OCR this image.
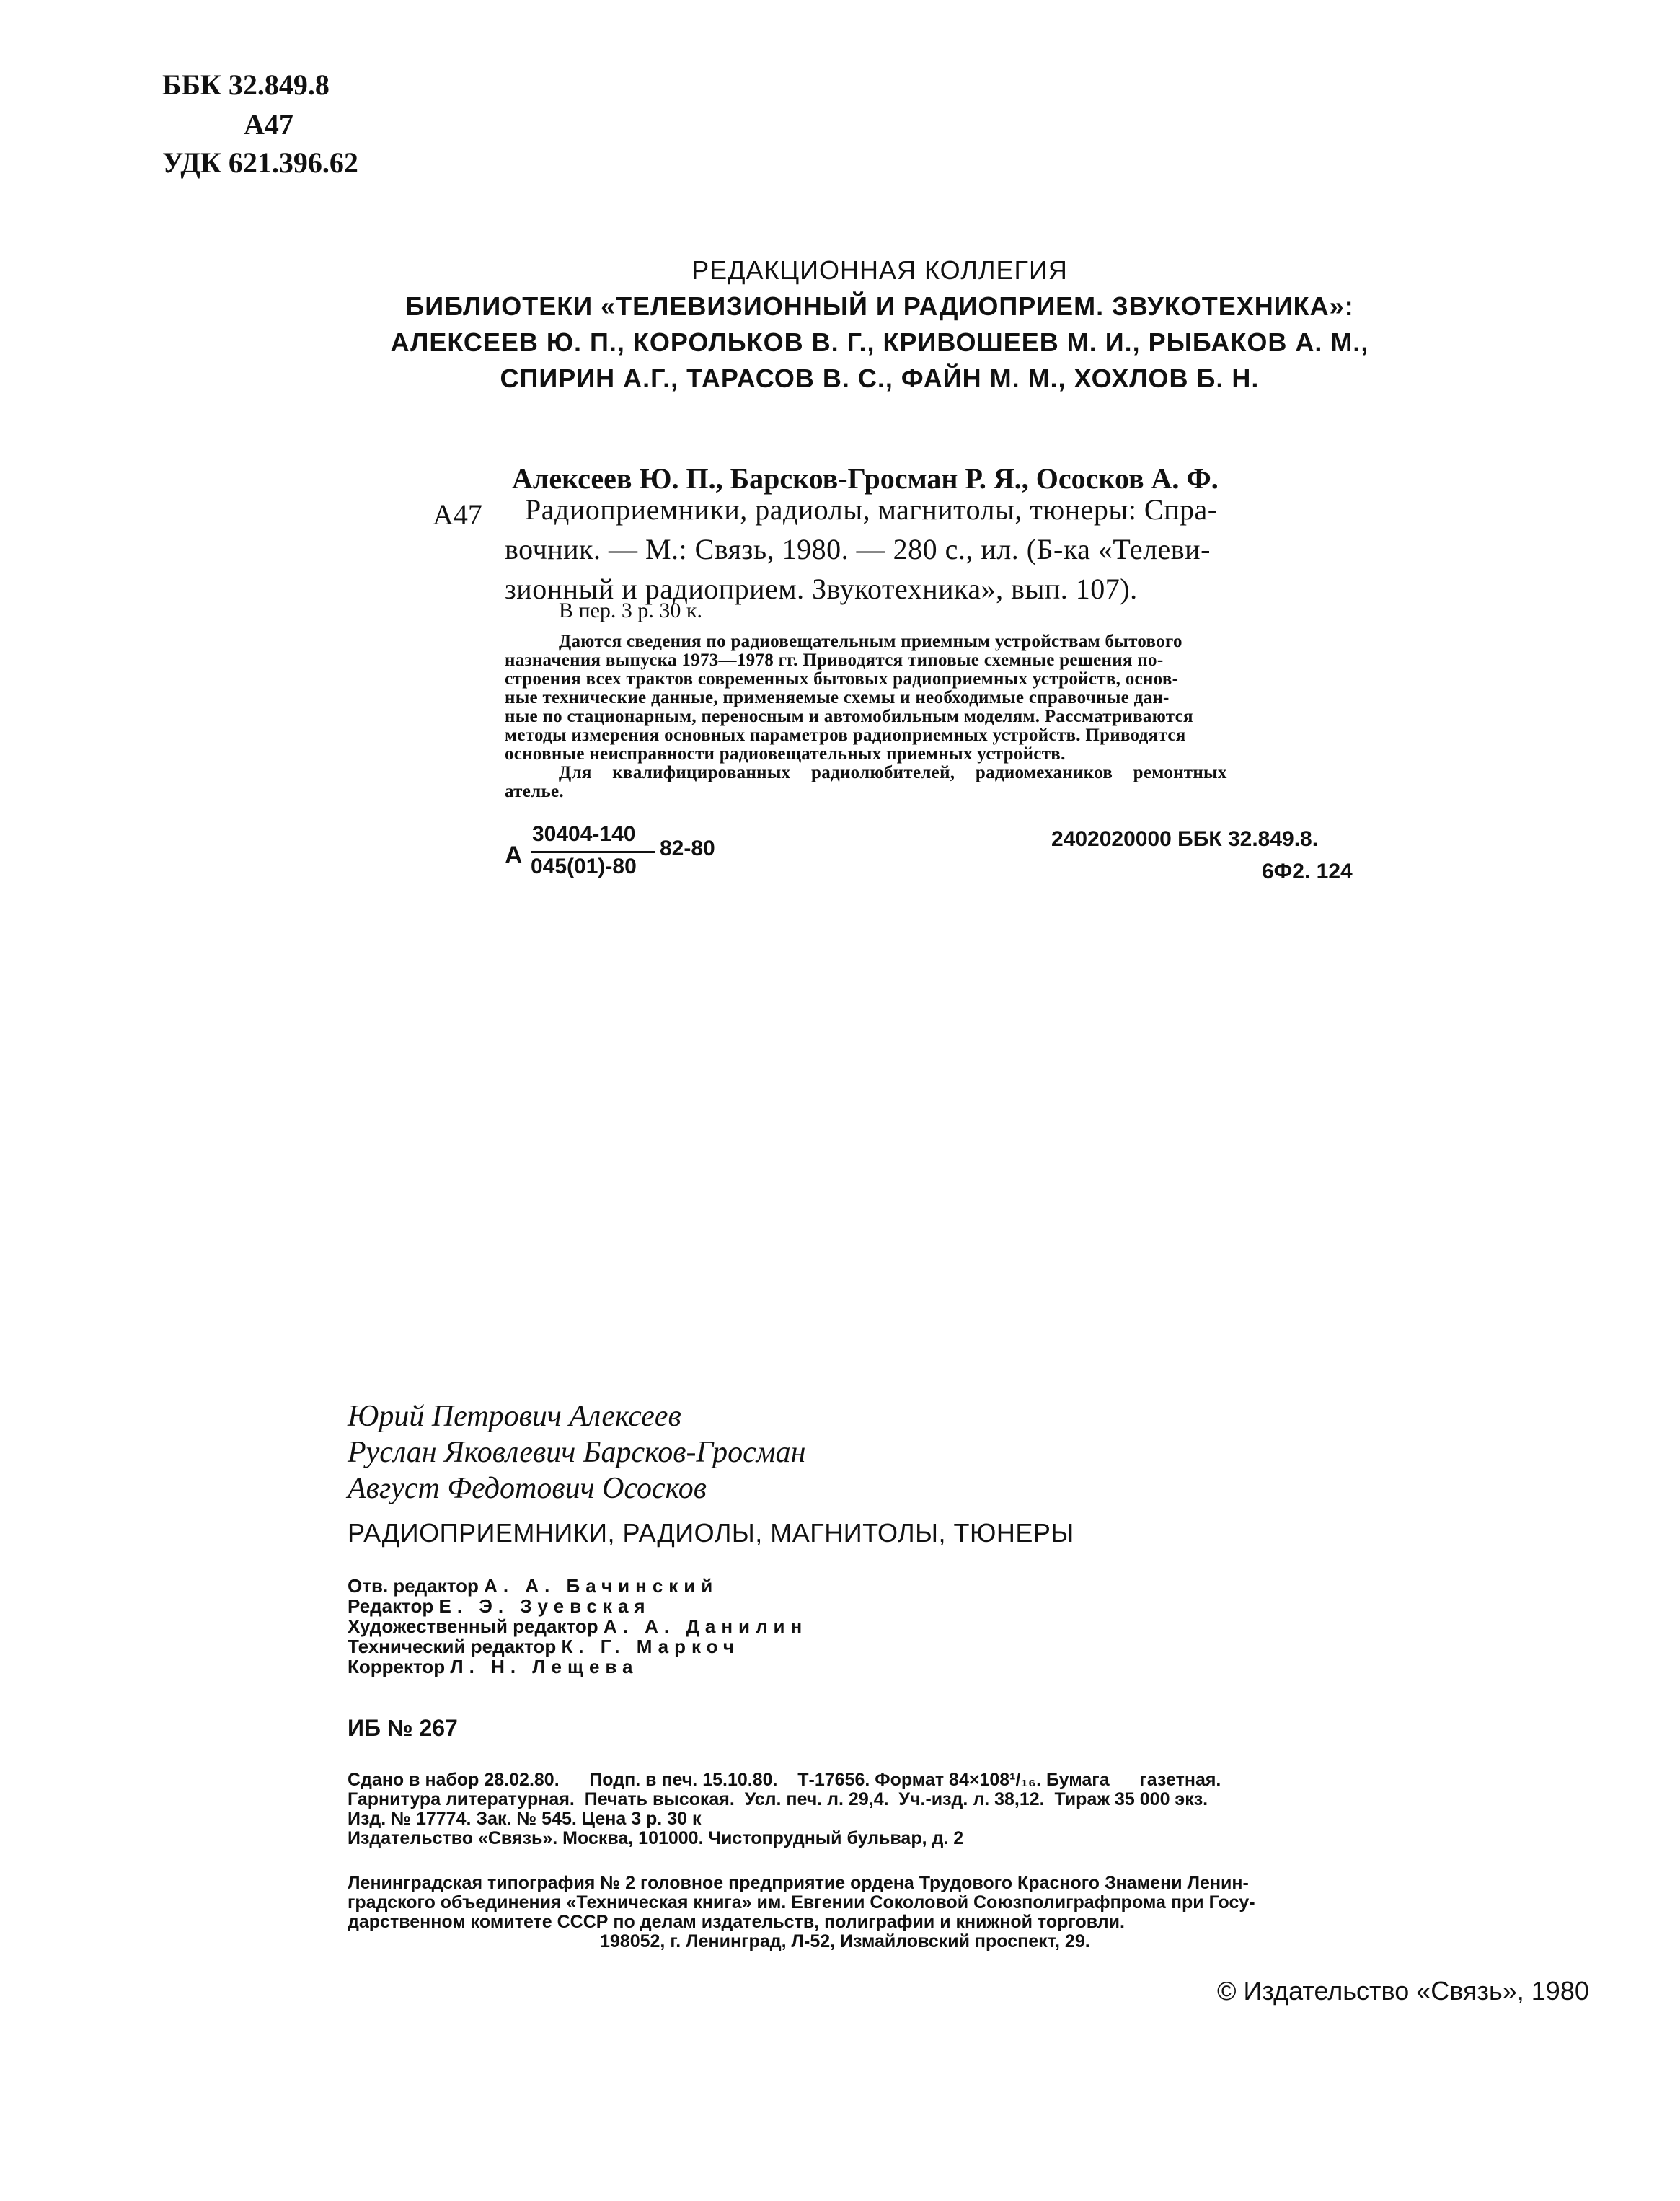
ББК 32.849.8
А47
УДК 621.396.62
РЕДАКЦИОННАЯ КОЛЛЕГИЯ
БИБЛИОТЕКИ «ТЕЛЕВИЗИОННЫЙ И РАДИОПРИЕМ. ЗВУКОТЕХНИКА»:
АЛЕКСЕЕВ Ю. П., КОРОЛЬКОВ В. Г., КРИВОШЕЕВ М. И., РЫБАКОВ А. М.,
СПИРИН А.Г., ТАРАСОВ В. С., ФАЙН М. М., ХОХЛОВ Б. Н.
Алексеев Ю. П., Барсков-Гросман Р. Я., Ососков А. Ф.
А47 Радиоприемники, радиолы, магнитолы, тюнеры: Спра-
вочник. — М.: Связь, 1980. — 280 с., ил. (Б-ка «Телеви-
зионный и радиоприем. Звукотехника», вып. 107).
В пер. 3 р. 30 к.
Даются сведения по радиовещательным приемным устройствам бытового
назначения выпуска 1973—1978 гг. Приводятся типовые схемные решения по-
строения всех трактов современных бытовых радиоприемных устройств, основ-
ные технические данные, применяемые схемы и необходимые справочные дан-
ные по стационарным, переносным и автомобильным моделям. Рассматриваются
методы измерения основных параметров радиоприемных устройств. Приводятся
основные неисправности радиовещательных приемных устройств.
Для квалифицированных радиолюбителей, радиомехаников ремонтных
ателье.
А
30404-140
045(01)-80
82-80	2402020000 ББК 32.849.8.
6Ф2. 124
Юрий Петрович Алексеев
Руслан Яковлевич Барсков-Гросман
Август Федотович Ососков
РАДИОПРИЕМНИКИ, РАДИОЛЫ, МАГНИТОЛЫ, ТЮНЕРЫ
Отв. редактор А. А. Бачинский
Редактор Е. Э. Зуевская
Художественный редактор А. А. Данилин
Технический редактор К. Г. Маркоч
Корректор Л. Н. Лещева
ИБ № 267
Сдано в набор 28.02.80.      Подп. в печ. 15.10.80.    Т-17656. Формат 84×108¹/₁₆. Бумага      газетная.
Гарнитура литературная.  Печать высокая.  Усл. печ. л. 29,4.  Уч.-изд. л. 38,12.  Тираж 35 000 экз.
Изд. № 17774. Зак. № 545. Цена 3 р. 30 к
Издательство «Связь». Москва, 101000. Чистопрудный бульвар, д. 2
Ленинградская типография № 2 головное предприятие ордена Трудового Красного Знамени Ленин-
градского объединения «Техническая книга» им. Евгении Соколовой Союзполиграфпрома при Госу-
дарственном комитете СССР по делам издательств, полиграфии и книжной торговли.
198052, г. Ленинград, Л-52, Измайловский проспект, 29.
© Издательство «Связь», 1980
